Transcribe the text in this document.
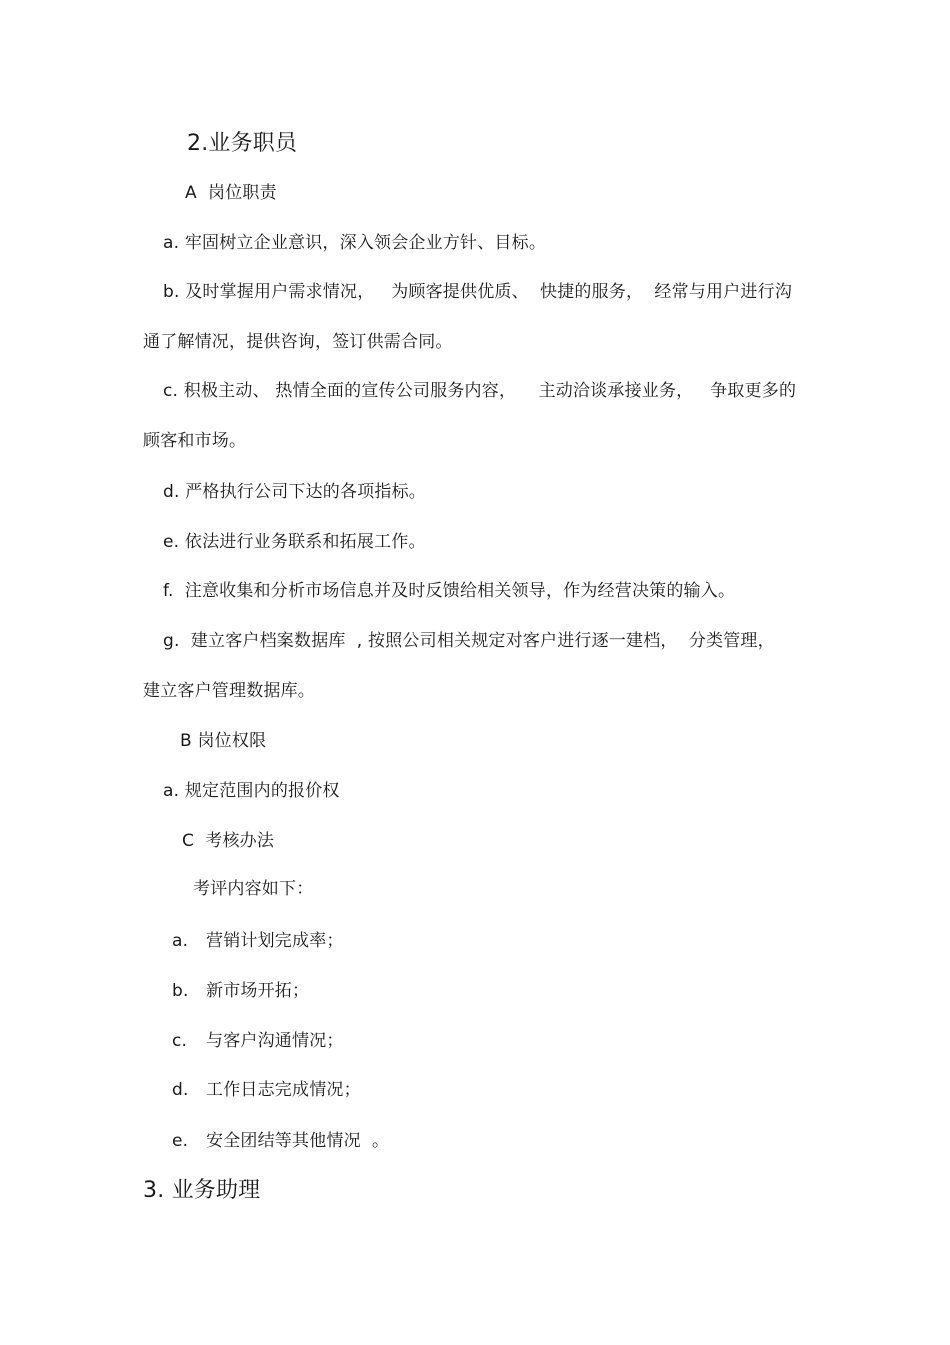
2.业务职员
A  岗位职责
a. 牢固树立企业意识，深入领会企业方针、目标。
b. 及时掌握用户需求情况，   为顾客提供优质、  快捷的服务，  经常与用户进行沟
通了解情况，提供咨询，签订供需合同。
c. 积极主动、 热情全面的宣传公司服务内容，    主动洽谈承接业务，   争取更多的
顾客和市场。
d. 严格执行公司下达的各项指标。
e. 依法进行业务联系和拓展工作。
f.  注意收集和分析市场信息并及时反馈给相关领导，作为经营决策的输入。
g.  建立客户档案数据库  , 按照公司相关规定对客户进行逐一建档，  分类管理，
建立客户管理数据库。
B 岗位权限
a. 规定范围内的报价权
C  考核办法
考评内容如下：
a. 营销计划完成率；
b. 新市场开拓；
c. 与客户沟通情况；
d. 工作日志完成情况；
e. 安全团结等其他情况  。
3. 业务助理
